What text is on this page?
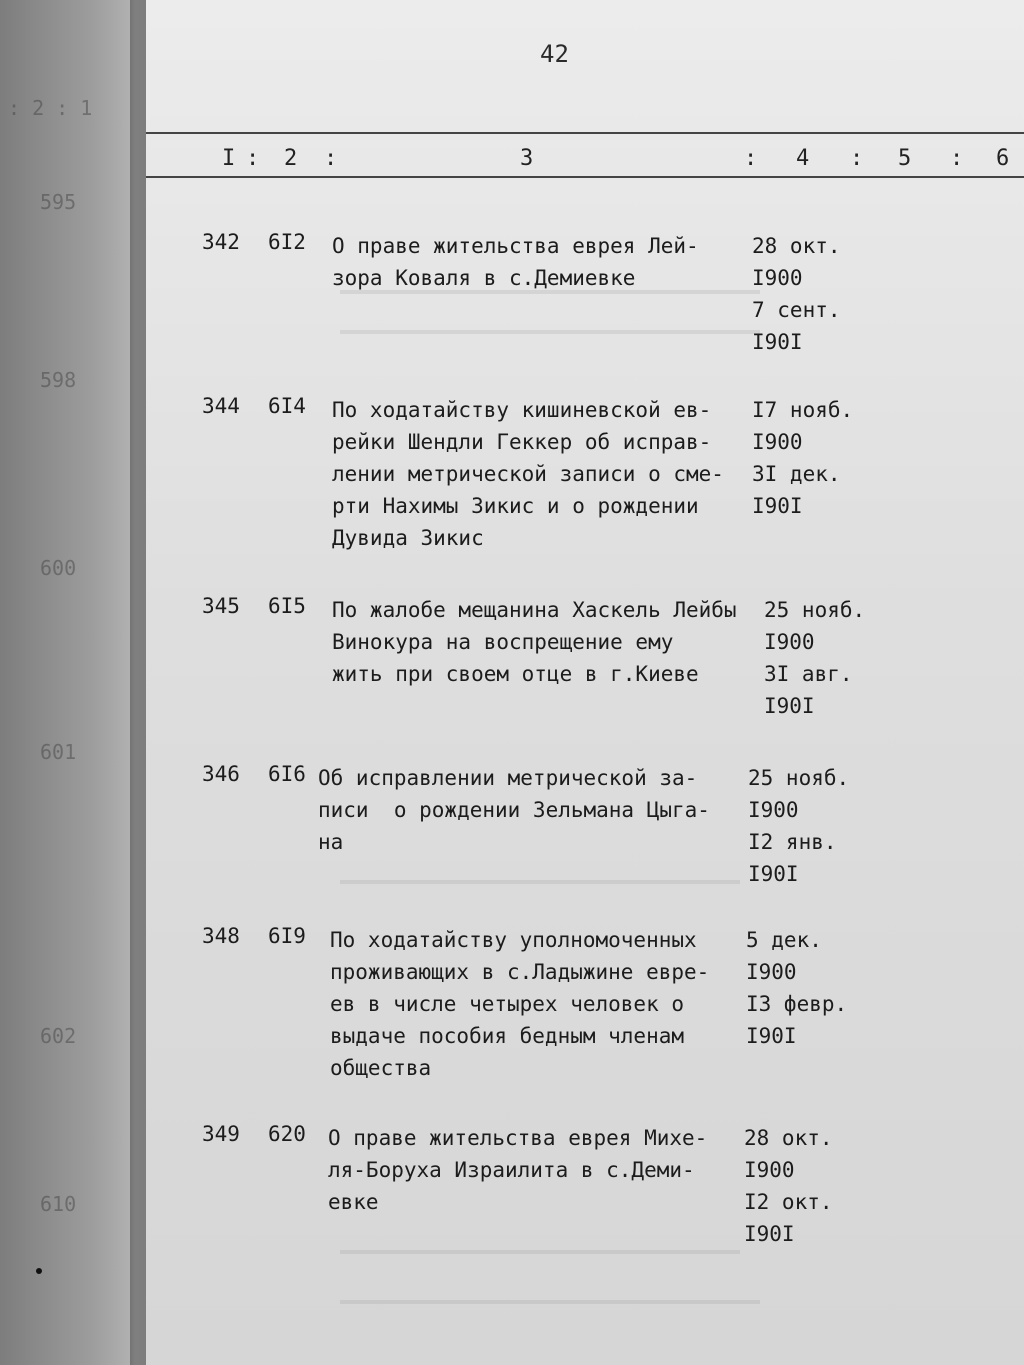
: 2 : 1
595
598
600
601
602
610
42
I : 2 :	3	: 4 : 5 : 6
342 6I2 О праве жительства еврея Лей-
зора Коваля в с.Демиевке
28 окт.
I900
7 сент.
I90I
344 6I4 По ходатайству кишиневской ев-
рейки Шендли Геккер об исправ-
лении метрической записи о сме-
рти Нахимы Зикис и о рождении
Дувида Зикис
I7 нояб.
I900
3I дек.
I90I
345 6I5 По жалобе мещанина Хаскель Лейбы
Винокура на воспрещение ему
жить при своем отце в г.Киеве
25 нояб.
I900
3I авг.
I90I
346 6I6 Об исправлении метрической за-
писи  о рождении Зельмана Цыга-
на
25 нояб.
I900
I2 янв.
I90I
348 6I9 По ходатайству уполномоченных
проживающих в с.Ладыжине евре-
ев в числе четырех человек о
выдаче пособия бедным членам
общества
5 дек.
I900
I3 февр.
I90I
349 620 О праве жительства еврея Михе-
ля-Боруха Израилита в с.Деми-
евке
28 окт.
I900
I2 окт.
I90I
